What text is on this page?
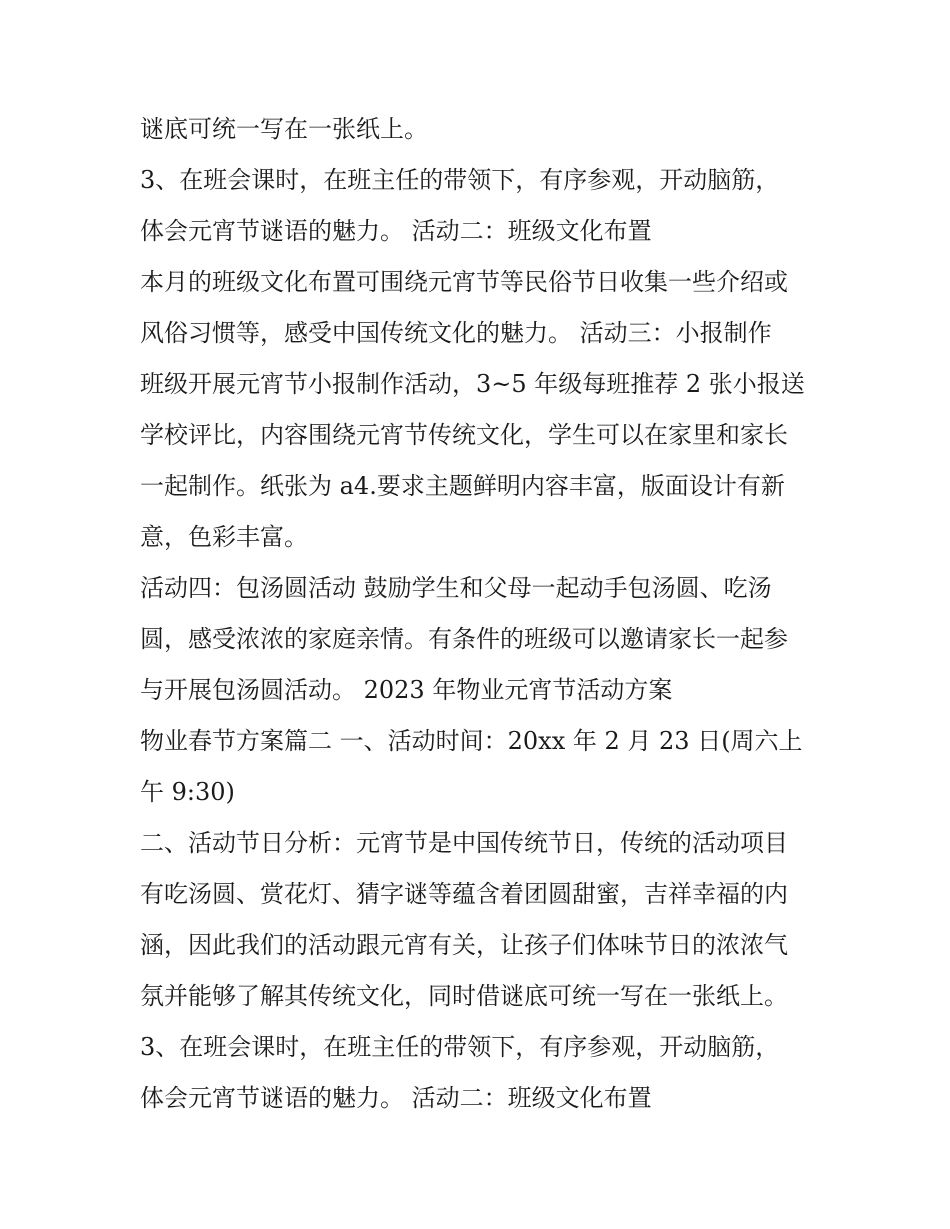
谜底可统一写在一张纸上。
3、在班会课时，在班主任的带领下，有序参观，开动脑筋，
体会元宵节谜语的魅力。 活动二：班级文化布置
本月的班级文化布置可围绕元宵节等民俗节日收集一些介绍或
风俗习惯等，感受中国传统文化的魅力。 活动三：小报制作
班级开展元宵节小报制作活动，3~5 年级每班推荐 2 张小报送
学校评比，内容围绕元宵节传统文化，学生可以在家里和家长
一起制作。纸张为 a4.要求主题鲜明内容丰富，版面设计有新
意，色彩丰富。
活动四：包汤圆活动 鼓励学生和父母一起动手包汤圆、吃汤
圆，感受浓浓的家庭亲情。有条件的班级可以邀请家长一起参
与开展包汤圆活动。 2023 年物业元宵节活动方案
物业春节方案篇二 一、活动时间：20xx 年 2 月 23 日(周六上
午 9:30)
二、活动节日分析：元宵节是中国传统节日，传统的活动项目
有吃汤圆、赏花灯、猜字谜等蕴含着团圆甜蜜，吉祥幸福的内
涵，因此我们的活动跟元宵有关，让孩子们体味节日的浓浓气
氛并能够了解其传统文化，同时借谜底可统一写在一张纸上。
3、在班会课时，在班主任的带领下，有序参观，开动脑筋，
体会元宵节谜语的魅力。 活动二：班级文化布置
